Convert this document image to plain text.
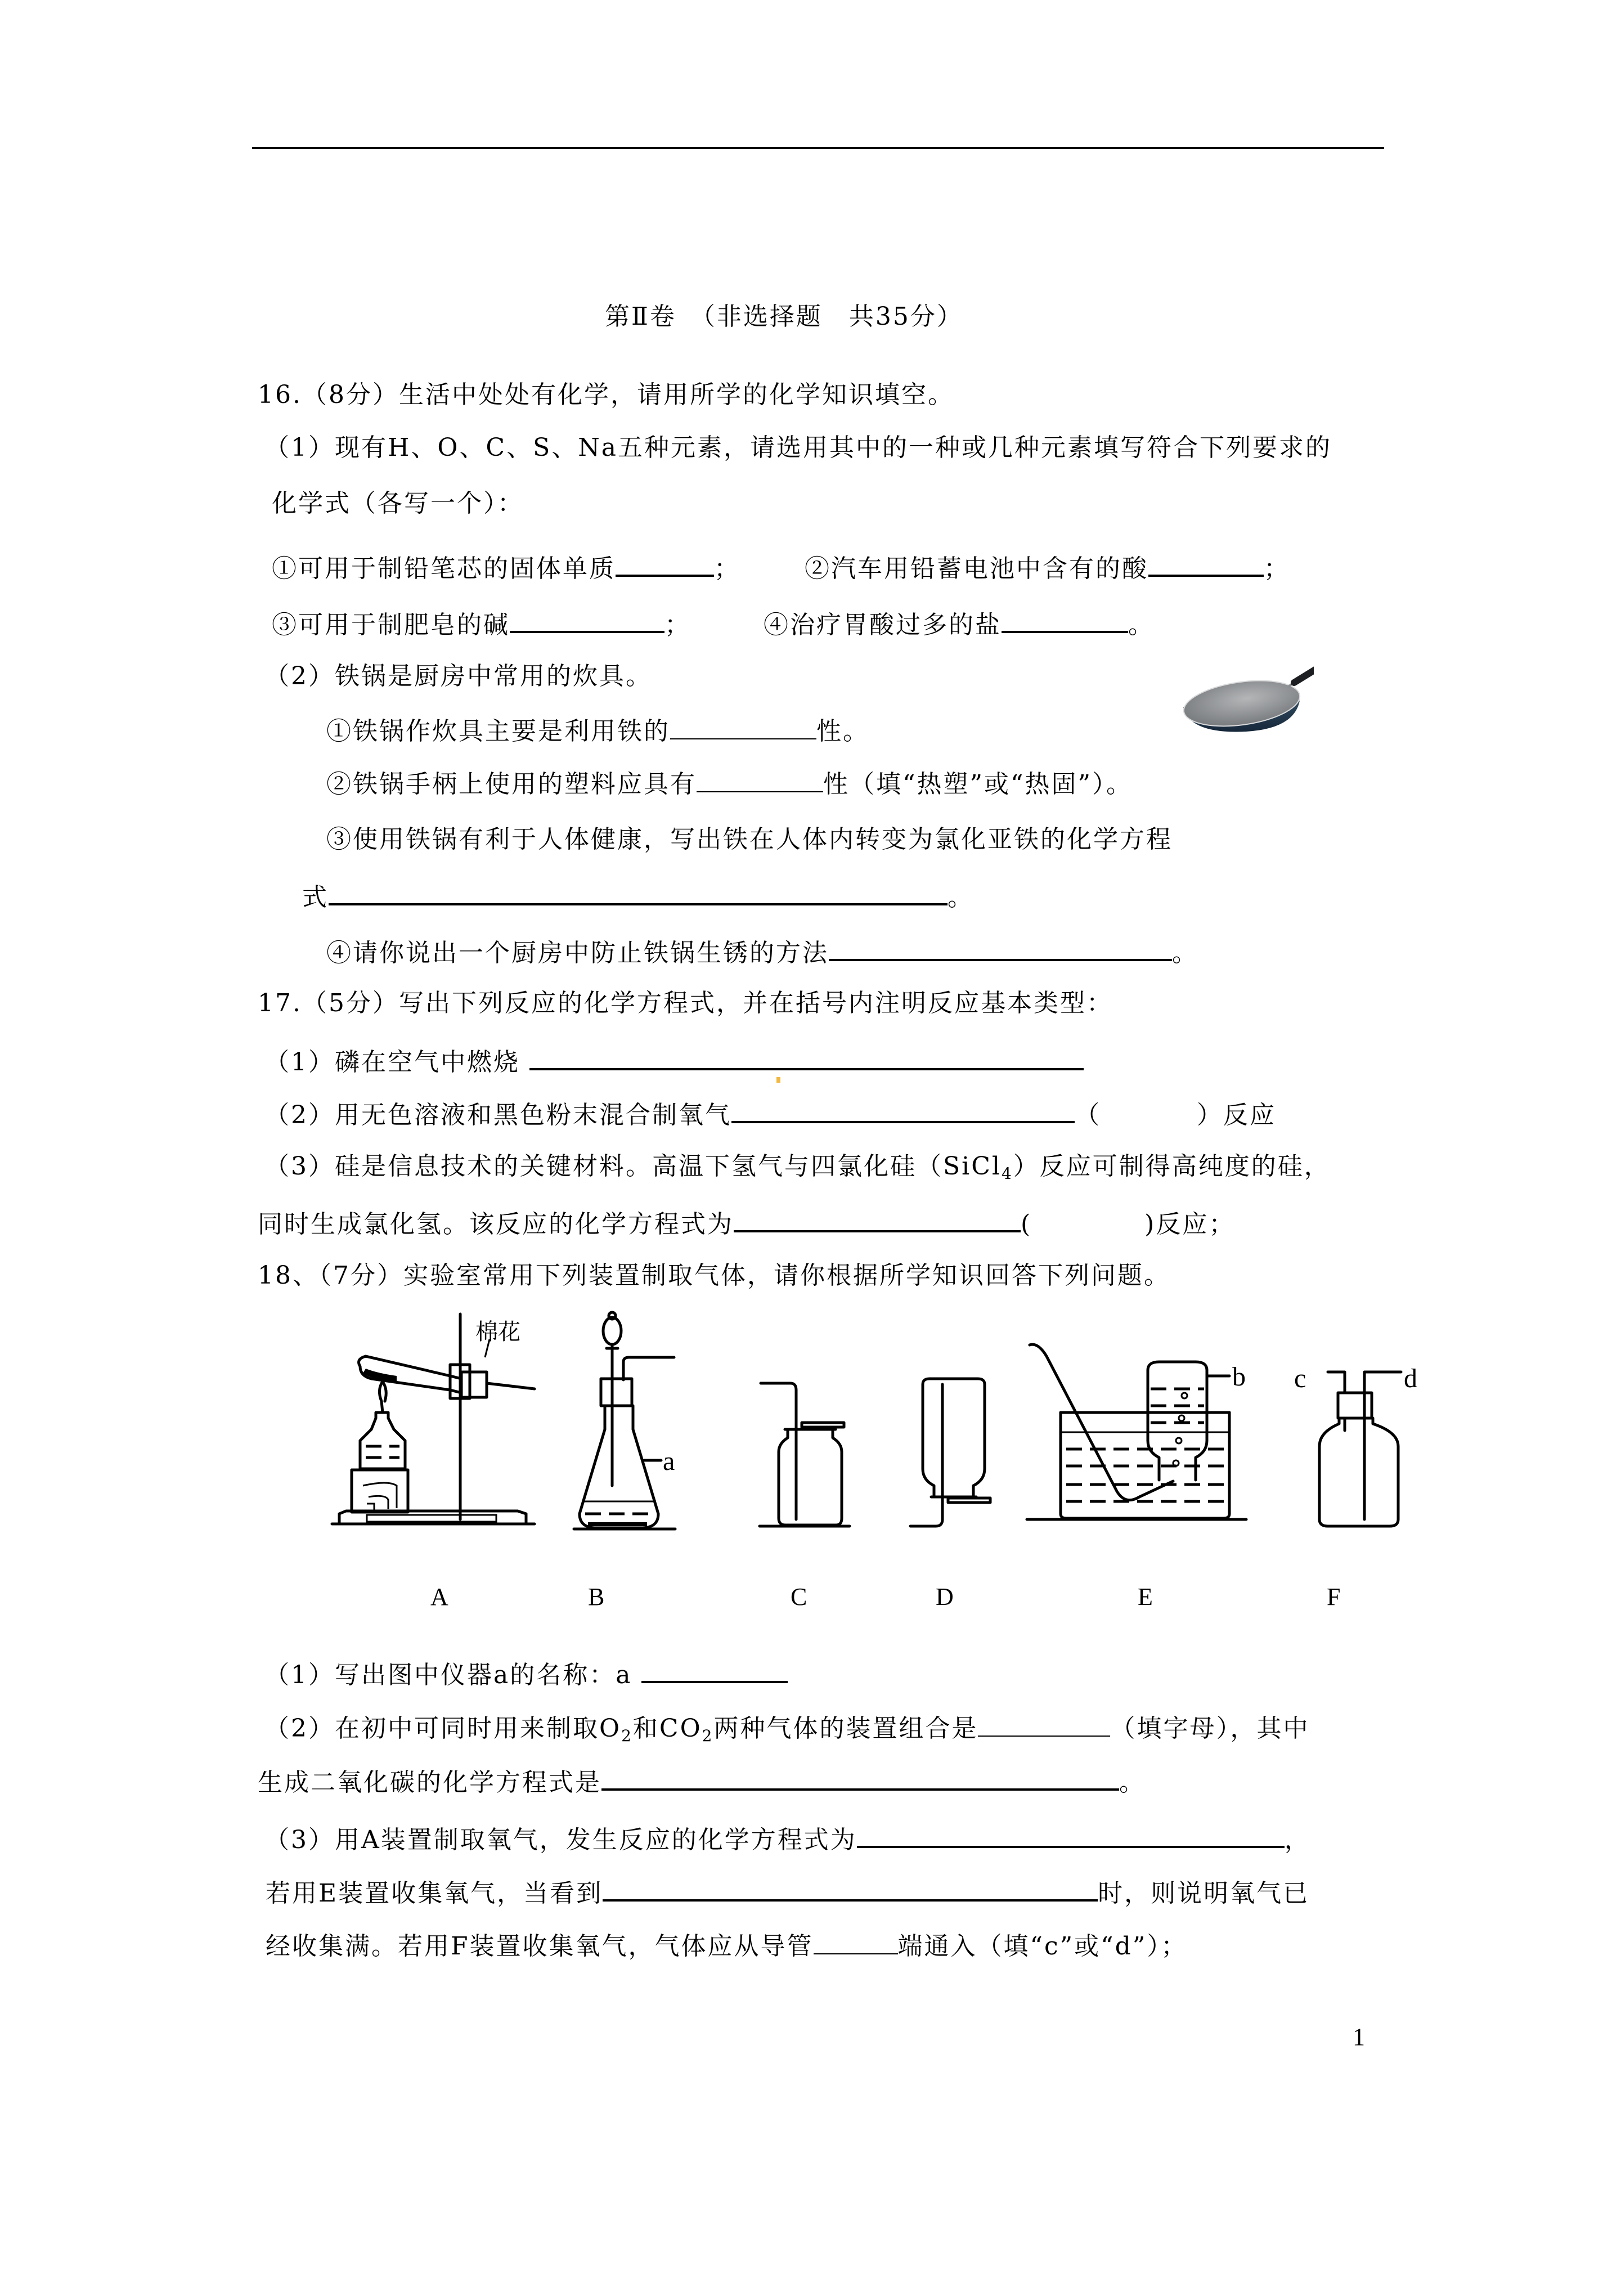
第Ⅱ卷　（非选择题　共35分）
16.（8分）生活中处处有化学，请用所学的化学知识填空。
（1）现有H、O、C、S、Na五种元素，请选用其中的一种或几种元素填写符合下列要求的
化学式（各写一个）：
①可用于制铅笔芯的固体单质	；	②汽车用铅蓄电池中含有的酸	；
③可用于制肥皂的碱	；	④治疗胃酸过多的盐	。
（2）铁锅是厨房中常用的炊具。
①铁锅作炊具主要是利用铁的	性。
②铁锅手柄上使用的塑料应具有	性（填“热塑”或“热固”）。
③使用铁锅有利于人体健康，写出铁在人体内转变为氯化亚铁的化学方程
式	。
④请你说出一个厨房中防止铁锅生锈的方法	。
17.（5分）写出下列反应的化学方程式，并在括号内注明反应基本类型：
（1）磷在空气中燃烧
（2）用无色溶液和黑色粉末混合制氧气	（	）反应
（3）硅是信息技术的关键材料。高温下氢气与四氯化硅（SiCl$_4$）反应可制得高纯度的硅，
同时生成氯化氢。该反应的化学方程式为	(	)反应；
18、（7分）实验室常用下列装置制取气体，请你根据所学知识回答下列问题。
棉花
a
b c	d
A	B	C	D	E	F
（1）写出图中仪器a的名称：a
（2）在初中可同时用来制取$O_2$和$CO_2$两种气体的装置组合是	（填字母），其中
生成二氧化碳的化学方程式是	。
（3）用A装置制取氧气，发生反应的化学方程式为	，
若用E装置收集氧气，当看到	时，则说明氧气已
经收集满。若用F装置收集氧气，气体应从导管	端通入（填“c”或“d”）；
1
